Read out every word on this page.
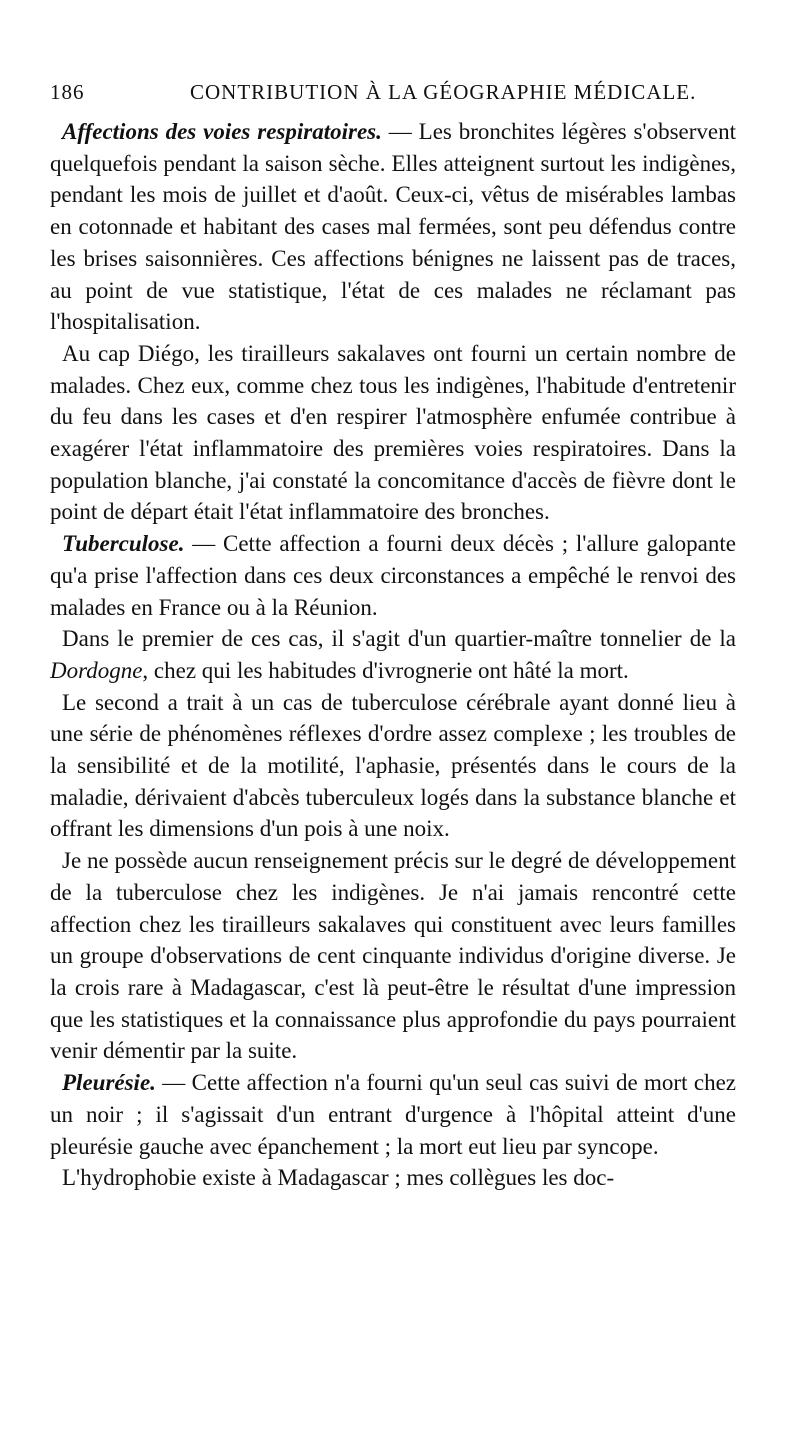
186	CONTRIBUTION À LA GÉOGRAPHIE MÉDICALE.

Affections des voies respiratoires. — Les bronchites légères s'observent quelquefois pendant la saison sèche. Elles atteignent surtout les indigènes, pendant les mois de juillet et d'août. Ceux-ci, vêtus de misérables lambas en cotonnade et habitant des cases mal fermées, sont peu défendus contre les brises saisonnières. Ces affections bénignes ne laissent pas de traces, au point de vue statistique, l'état de ces malades ne réclamant pas l'hospitalisation.

Au cap Diégo, les tirailleurs sakalaves ont fourni un certain nombre de malades. Chez eux, comme chez tous les indigènes, l'habitude d'entretenir du feu dans les cases et d'en respirer l'atmosphère enfumée contribue à exagérer l'état inflammatoire des premières voies respiratoires. Dans la population blanche, j'ai constaté la concomitance d'accès de fièvre dont le point de départ était l'état inflammatoire des bronches.

Tuberculose. — Cette affection a fourni deux décès ; l'allure galopante qu'a prise l'affection dans ces deux circonstances a empêché le renvoi des malades en France ou à la Réunion.

Dans le premier de ces cas, il s'agit d'un quartier-maître tonnelier de la Dordogne, chez qui les habitudes d'ivrognerie ont hâté la mort.

Le second a trait à un cas de tuberculose cérébrale ayant donné lieu à une série de phénomènes réflexes d'ordre assez complexe ; les troubles de la sensibilité et de la motilité, l'aphasie, présentés dans le cours de la maladie, dérivaient d'abcès tuberculeux logés dans la substance blanche et offrant les dimensions d'un pois à une noix.

Je ne possède aucun renseignement précis sur le degré de développement de la tuberculose chez les indigènes. Je n'ai jamais rencontré cette affection chez les tirailleurs sakalaves qui constituent avec leurs familles un groupe d'observations de cent cinquante individus d'origine diverse. Je la crois rare à Madagascar, c'est là peut-être le résultat d'une impression que les statistiques et la connaissance plus approfondie du pays pourraient venir démentir par la suite.

Pleurésie. — Cette affection n'a fourni qu'un seul cas suivi de mort chez un noir ; il s'agissait d'un entrant d'urgence à l'hôpital atteint d'une pleurésie gauche avec épanchement ; la mort eut lieu par syncope.

L'hydrophobie existe à Madagascar ; mes collègues les doc-
